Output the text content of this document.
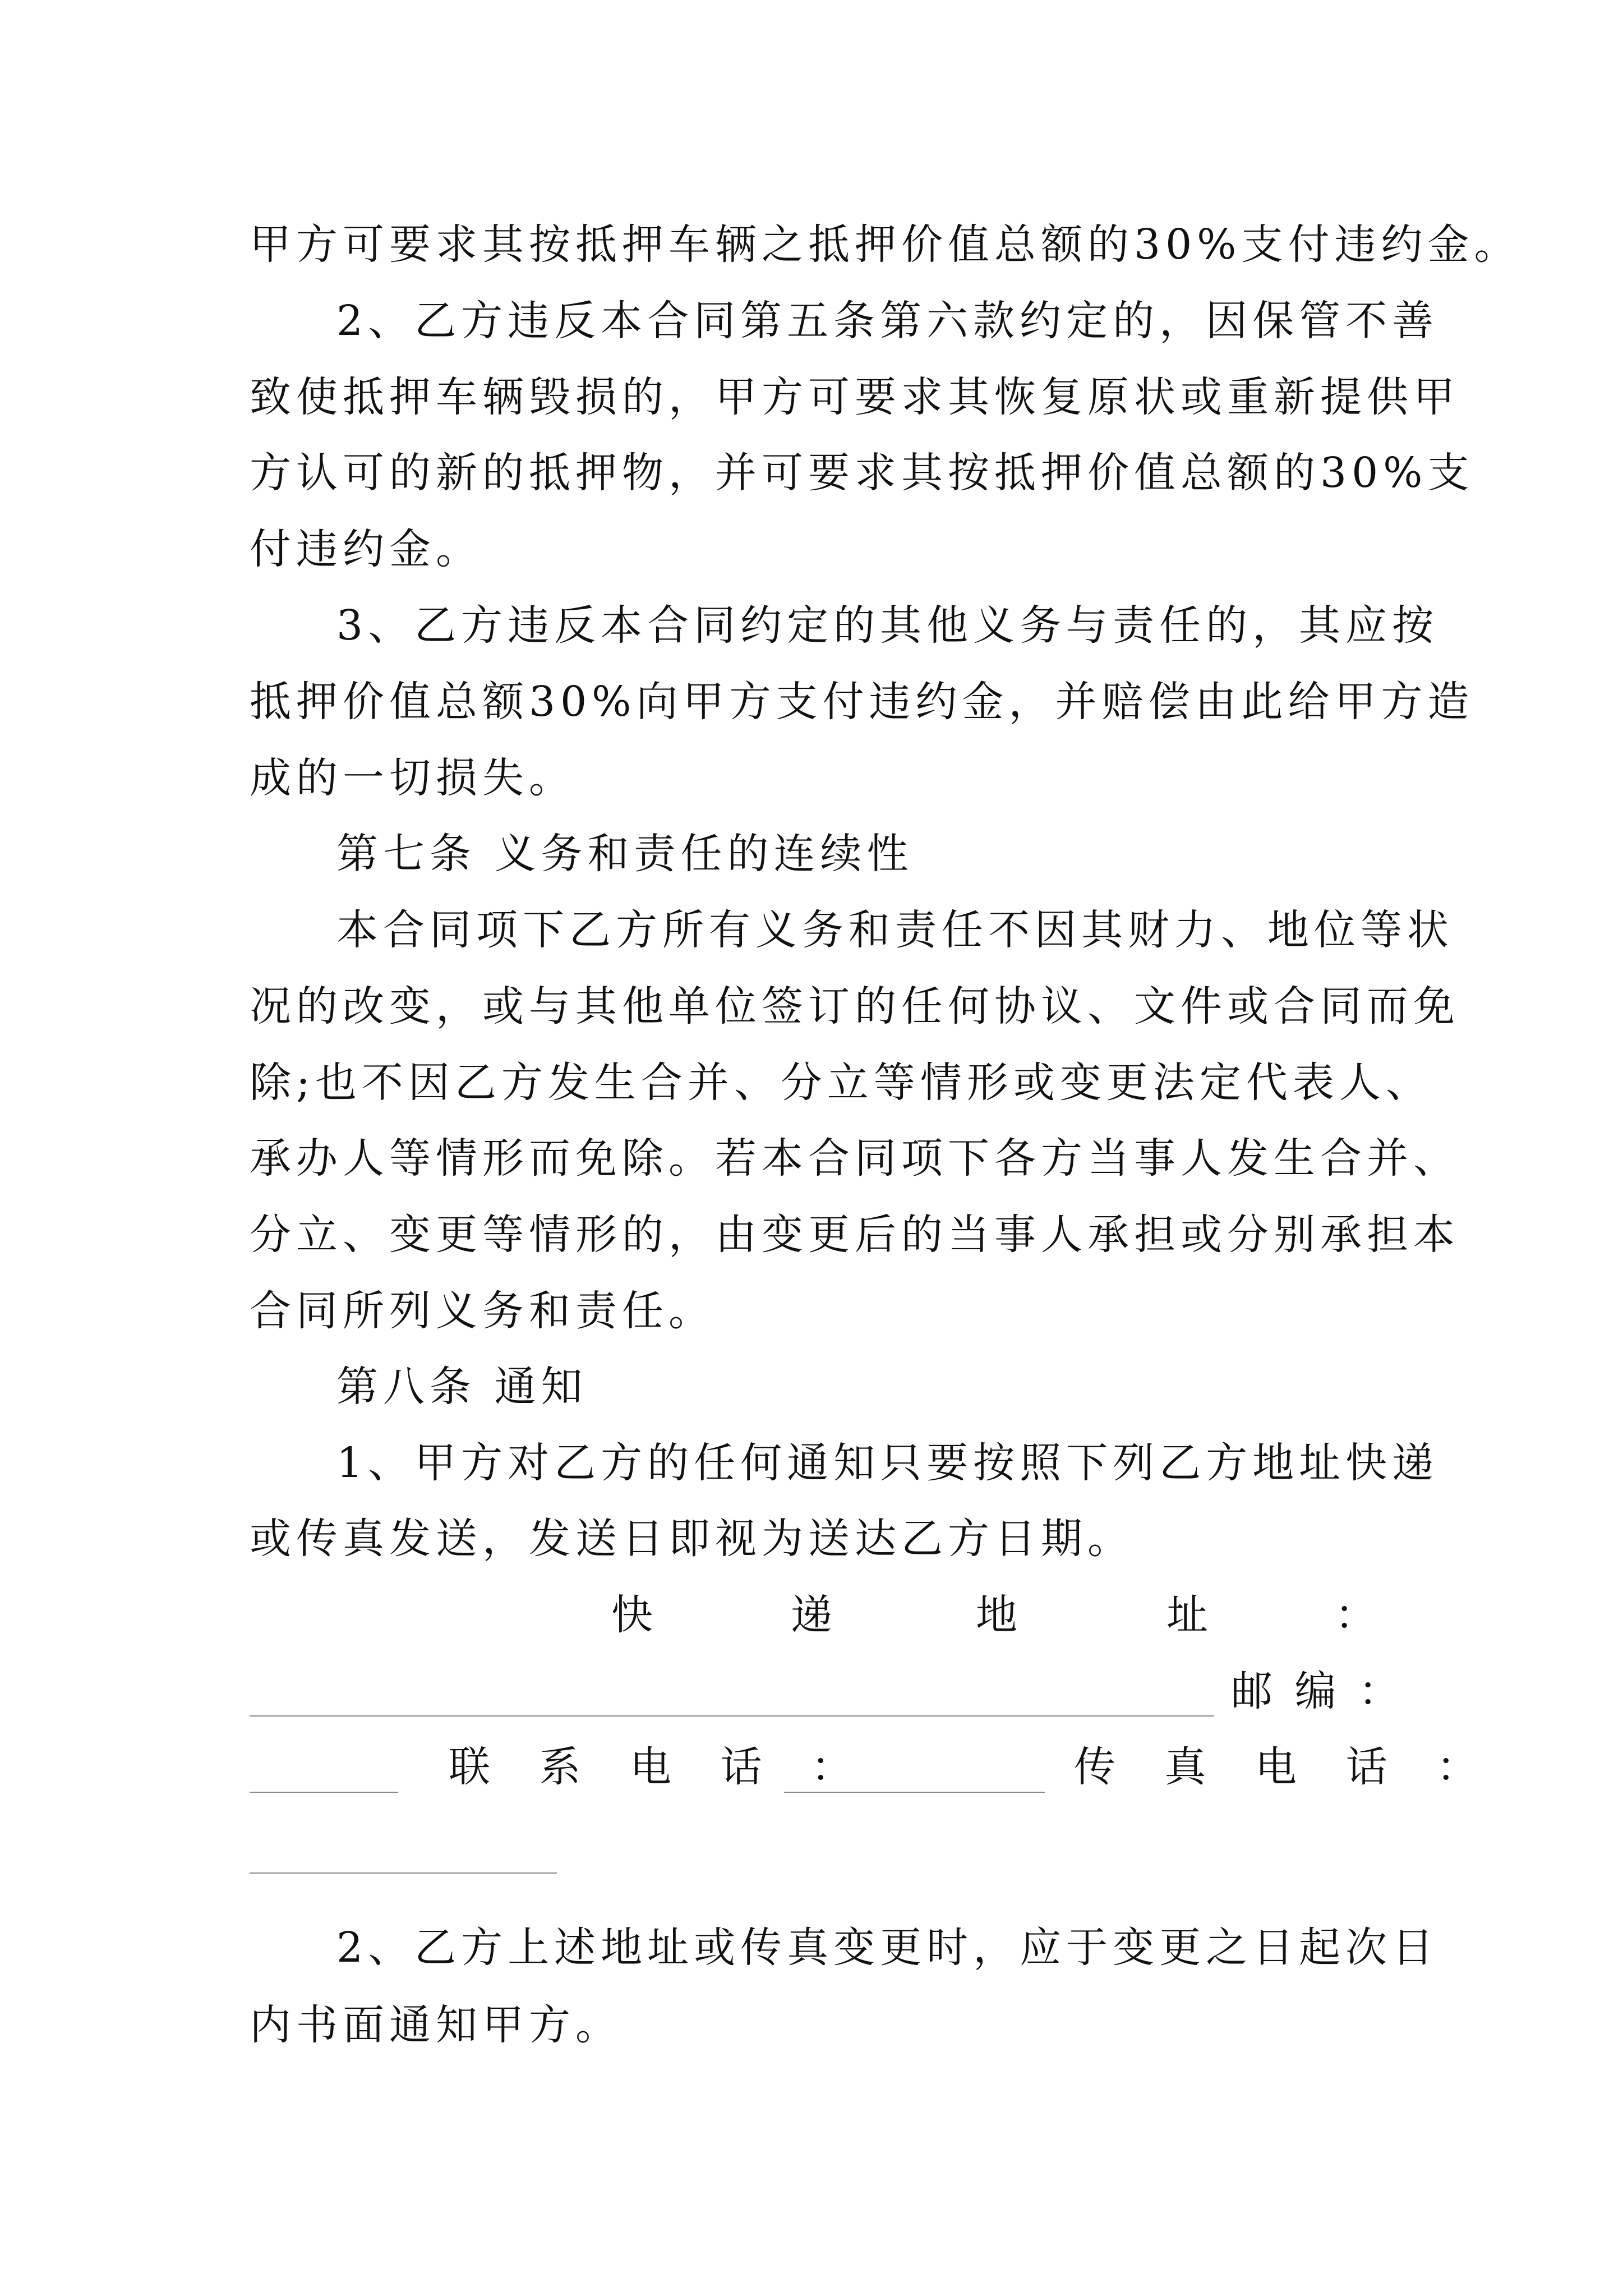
甲方可要求其按抵押车辆之抵押价值总额的30%支付违约金。
2、乙方违反本合同第五条第六款约定的，因保管不善
致使抵押车辆毁损的，甲方可要求其恢复原状或重新提供甲
方认可的新的抵押物，并可要求其按抵押价值总额的30%支
付违约金。
3、乙方违反本合同约定的其他义务与责任的，其应按
抵押价值总额30%向甲方支付违约金，并赔偿由此给甲方造
成的一切损失。
第七条 义务和责任的连续性
本合同项下乙方所有义务和责任不因其财力、地位等状
况的改变，或与其他单位签订的任何协议、文件或合同而免
除;也不因乙方发生合并、分立等情形或变更法定代表人、
承办人等情形而免除。若本合同项下各方当事人发生合并、
分立、变更等情形的，由变更后的当事人承担或分别承担本
合同所列义务和责任。
第八条 通知
1、甲方对乙方的任何通知只要按照下列乙方地址快递
或传真发送，发送日即视为送达乙方日期。
快	递	地	址	：
邮 编 ：
联 系 电 话 ：	传 真 电 话 ：
2、乙方上述地址或传真变更时，应于变更之日起次日
内书面通知甲方。
